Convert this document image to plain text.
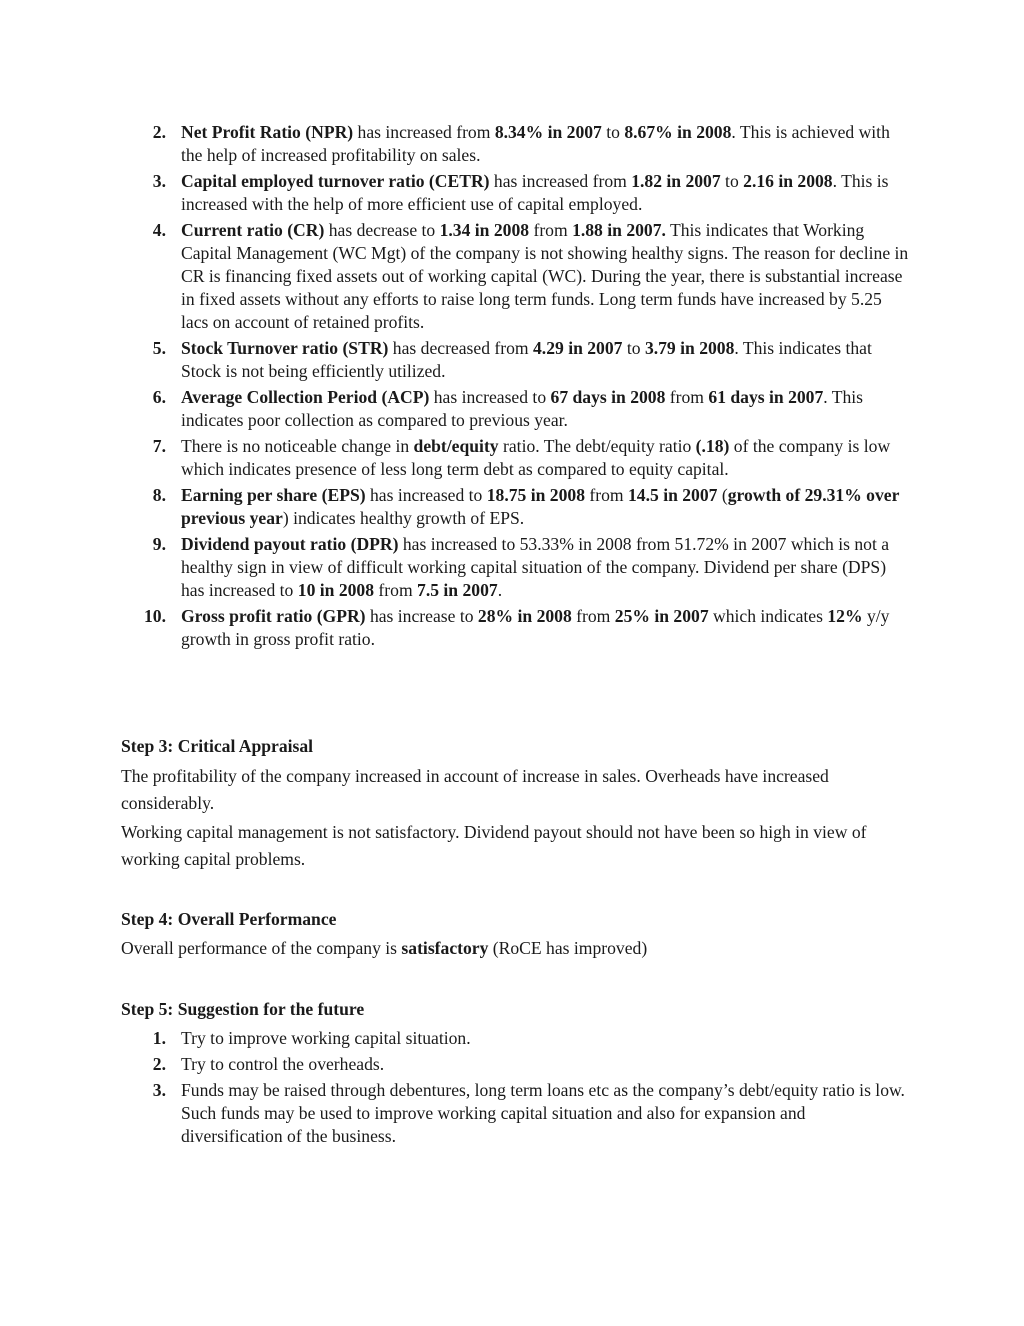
2. Net Profit Ratio (NPR) has increased from 8.34% in 2007 to 8.67% in 2008. This is achieved with the help of increased profitability on sales.
3. Capital employed turnover ratio (CETR) has increased from 1.82 in 2007 to 2.16 in 2008. This is increased with the help of more efficient use of capital employed.
4. Current ratio (CR) has decrease to 1.34 in 2008 from 1.88 in 2007. This indicates that Working Capital Management (WC Mgt) of the company is not showing healthy signs. The reason for decline in CR is financing fixed assets out of working capital (WC). During the year, there is substantial increase in fixed assets without any efforts to raise long term funds. Long term funds have increased by 5.25 lacs on account of retained profits.
5. Stock Turnover ratio (STR) has decreased from 4.29 in 2007 to 3.79 in 2008. This indicates that Stock is not being efficiently utilized.
6. Average Collection Period (ACP) has increased to 67 days in 2008 from 61 days in 2007. This indicates poor collection as compared to previous year.
7. There is no noticeable change in debt/equity ratio. The debt/equity ratio (.18) of the company is low which indicates presence of less long term debt as compared to equity capital.
8. Earning per share (EPS) has increased to 18.75 in 2008 from 14.5 in 2007 (growth of 29.31% over previous year) indicates healthy growth of EPS.
9. Dividend payout ratio (DPR) has increased to 53.33% in 2008 from 51.72% in 2007 which is not a healthy sign in view of difficult working capital situation of the company. Dividend per share (DPS) has increased to 10 in 2008 from 7.5 in 2007.
10. Gross profit ratio (GPR) has increase to 28% in 2008 from 25% in 2007 which indicates 12% y/y growth in gross profit ratio.
Step 3: Critical Appraisal
The profitability of the company increased in account of increase in sales. Overheads have increased considerably.
Working capital management is not satisfactory. Dividend payout should not have been so high in view of working capital problems.
Step 4: Overall Performance
Overall performance of the company is satisfactory (RoCE has improved)
Step 5: Suggestion for the future
1. Try to improve working capital situation.
2. Try to control the overheads.
3. Funds may be raised through debentures, long term loans etc as the company’s debt/equity ratio is low. Such funds may be used to improve working capital situation and also for expansion and diversification of the business.
